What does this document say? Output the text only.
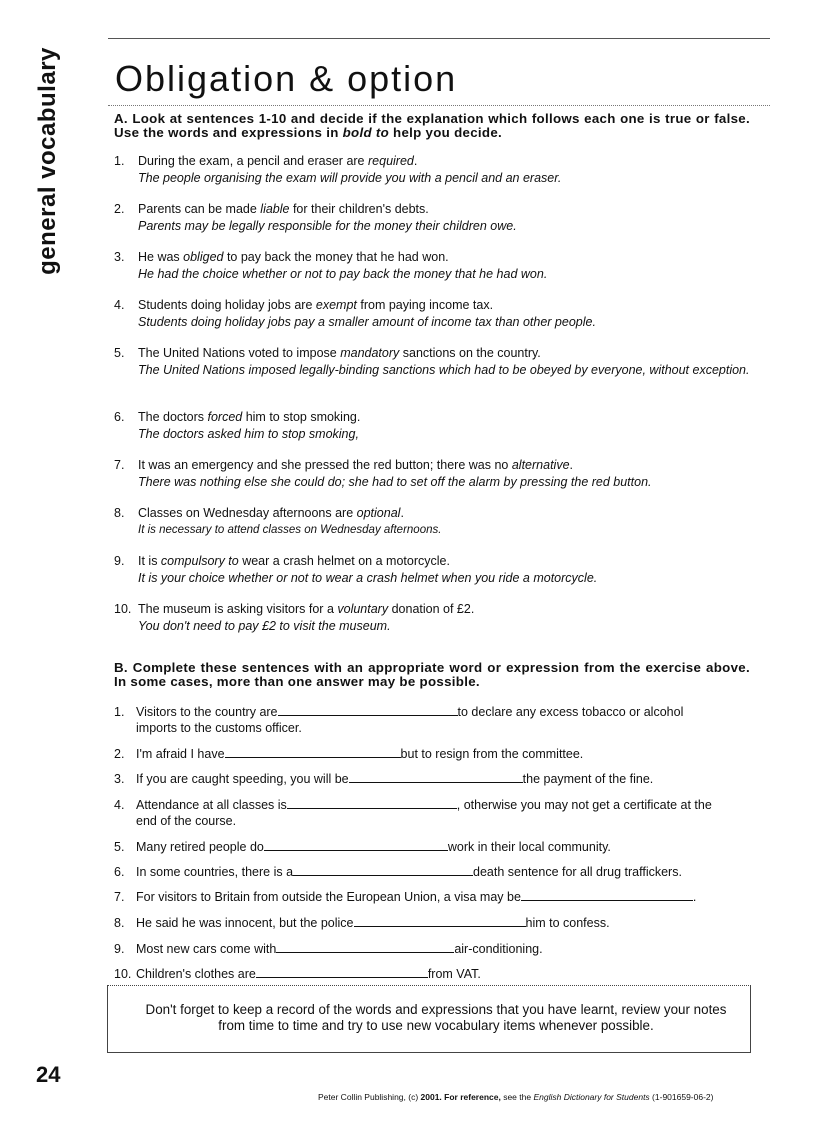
general vocabulary Obligation & option
A. Look at sentences 1-10 and decide if the explanation which follows each one is true or false. Use the words and expressions in bold to help you decide.
1. During the exam, a pencil and eraser are required.
The people organising the exam will provide you with a pencil and an eraser.
2. Parents can be made liable for their children's debts.
Parents may be legally responsible for the money their children owe.
3. He was obliged to pay back the money that he had won.
He had the choice whether or not to pay back the money that he had won.
4. Students doing holiday jobs are exempt from paying income tax.
Students doing holiday jobs pay a smaller amount of income tax than other people.
5. The United Nations voted to impose mandatory sanctions on the country.
The United Nations imposed legally-binding sanctions which had to be obeyed by everyone, without exception.
6. The doctors forced him to stop smoking.
The doctors asked him to stop smoking,
7. It was an emergency and she pressed the red button; there was no alternative.
There was nothing else she could do; she had to set off the alarm by pressing the red button.
8. Classes on Wednesday afternoons are optional.
It is necessary to attend classes on Wednesday afternoons.
9. It is compulsory to wear a crash helmet on a motorcycle.
It is your choice whether or not to wear a crash helmet when you ride a motorcycle.
10. The museum is asking visitors for a voluntary donation of £2.
You don't need to pay £2 to visit the museum.
B. Complete these sentences with an appropriate word or expression from the exercise above. In some cases, more than one answer may be possible.
1. Visitors to the country are	to declare any excess tobacco or alcohol
imports to the customs officer.
2. I'm afraid I have	but to resign from the committee.
3. If you are caught speeding, you will be	the payment of the fine.
4. Attendance at all classes is	, otherwise you may not get a certificate at the
end of the course.
5. Many retired people do	work in their local community.
6. In some countries, there is a	death sentence for all drug traffickers.
7. For visitors to Britain from outside the European Union, a visa may be	.
8. He said he was innocent, but the police	him to confess.
9. Most new cars come with	air-conditioning.
10. Children's clothes are	from VAT.
Don't forget to keep a record of the words and expressions that you have learnt, review your notes from time to time and try to use new vocabulary items whenever possible.
24
Peter Collin Publishing, (c) 2001. For reference, see the English Dictionary for Students (1-901659-06-2)
